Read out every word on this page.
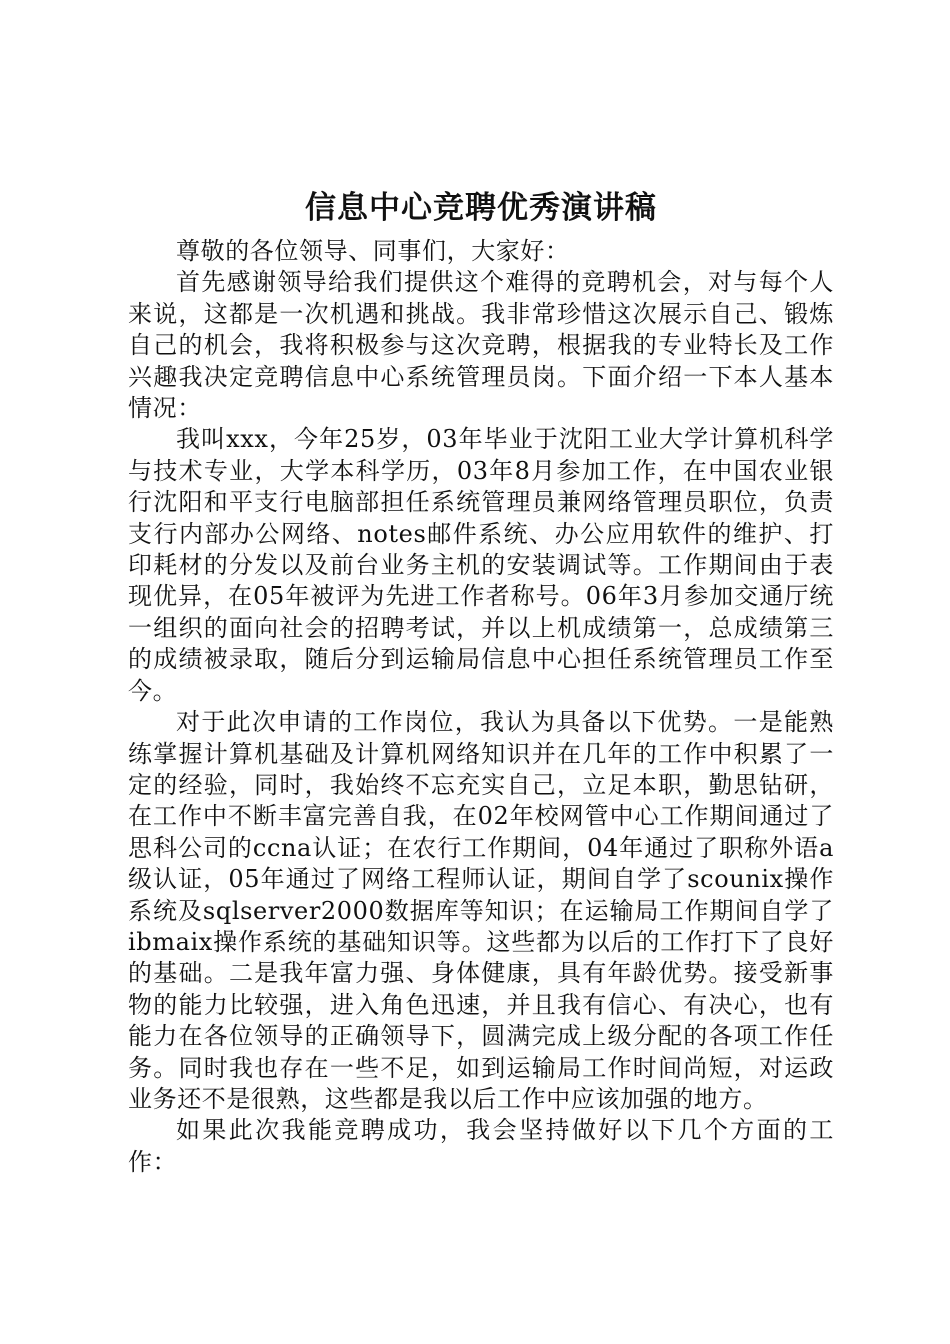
信息中心竞聘优秀演讲稿

尊敬的各位领导、同事们，大家好：

首先感谢领导给我们提供这个难得的竞聘机会，对与每个人来说，这都是一次机遇和挑战。我非常珍惜这次展示自己、锻炼自己的机会，我将积极参与这次竞聘，根据我的专业特长及工作兴趣我决定竞聘信息中心系统管理员岗。下面介绍一下本人基本情况：

我叫xxx，今年25岁，03年毕业于沈阳工业大学计算机科学与技术专业，大学本科学历，03年8月参加工作，在中国农业银行沈阳和平支行电脑部担任系统管理员兼网络管理员职位，负责支行内部办公网络、notes邮件系统、办公应用软件的维护、打印耗材的分发以及前台业务主机的安装调试等。工作期间由于表现优异，在05年被评为先进工作者称号。06年3月参加交通厅统一组织的面向社会的招聘考试，并以上机成绩第一，总成绩第三的成绩被录取，随后分到运输局信息中心担任系统管理员工作至今。

对于此次申请的工作岗位，我认为具备以下优势。一是能熟练掌握计算机基础及计算机网络知识并在几年的工作中积累了一定的经验，同时，我始终不忘充实自己，立足本职，勤思钻研，在工作中不断丰富完善自我，在02年校网管中心工作期间通过了思科公司的ccna认证；在农行工作期间，04年通过了职称外语a级认证，05年通过了网络工程师认证，期间自学了scounix操作系统及sqlserver2000数据库等知识；在运输局工作期间自学了ibmaix操作系统的基础知识等。这些都为以后的工作打下了良好的基础。二是我年富力强、身体健康，具有年龄优势。接受新事物的能力比较强，进入角色迅速，并且我有信心、有决心，也有能力在各位领导的正确领导下，圆满完成上级分配的各项工作任务。同时我也存在一些不足，如到运输局工作时间尚短，对运政业务还不是很熟，这些都是我以后工作中应该加强的地方。

如果此次我能竞聘成功，我会坚持做好以下几个方面的工作：
